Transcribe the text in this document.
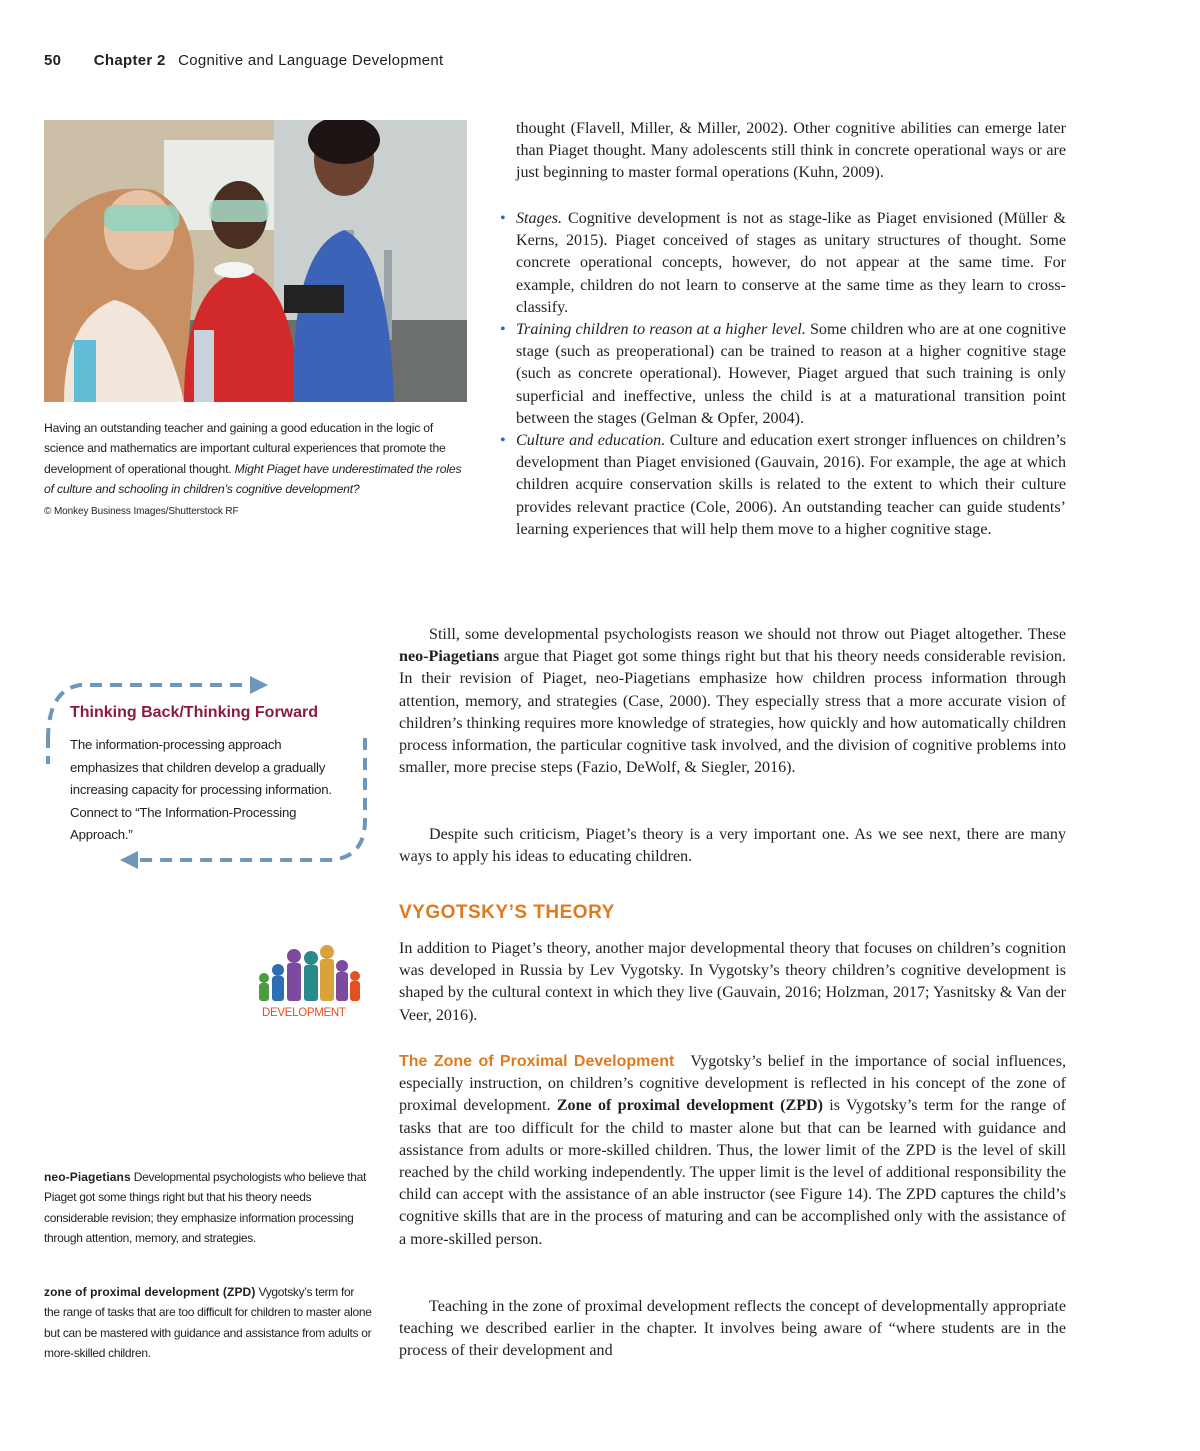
50 Chapter 2 Cognitive and Language Development
Having an outstanding teacher and gaining a good education in the logic of science and mathematics are important cultural experiences that promote the development of operational thought. Might Piaget have underestimated the roles of culture and schooling in children’s cognitive development?
© Monkey Business Images/Shutterstock RF
Thinking Back/Thinking Forward
The information-processing approach emphasizes that children develop a gradually increasing capacity for processing information. Connect to “The Information-Processing Approach.”
DEVELOPMENT
neo-Piagetians Developmental psychologists who believe that Piaget got some things right but that his theory needs considerable revision; they emphasize information processing through attention, memory, and strategies.
zone of proximal development (ZPD) Vygotsky’s term for the range of tasks that are too difficult for children to master alone but can be mastered with guidance and assistance from adults or more-skilled children.

thought (Flavell, Miller, & Miller, 2002). Other cognitive abilities can emerge later than Piaget thought. Many adolescents still think in concrete operational ways or are just beginning to master formal operations (Kuhn, 2009).

• Stages. Cognitive development is not as stage-like as Piaget envisioned (Müller & Kerns, 2015). Piaget conceived of stages as unitary structures of thought. Some concrete operational concepts, however, do not appear at the same time. For example, children do not learn to conserve at the same time as they learn to cross-classify.
• Training children to reason at a higher level. Some children who are at one cognitive stage (such as preoperational) can be trained to reason at a higher cognitive stage (such as concrete operational). However, Piaget argued that such training is only superficial and ineffective, unless the child is at a maturational transition point between the stages (Gelman & Opfer, 2004).
• Culture and education. Culture and education exert stronger influences on children’s development than Piaget envisioned (Gauvain, 2016). For example, the age at which children acquire conservation skills is related to the extent to which their culture provides relevant practice (Cole, 2006). An outstanding teacher can guide students’ learning experiences that will help them move to a higher cognitive stage.

Still, some developmental psychologists reason we should not throw out Piaget altogether. These neo-Piagetians argue that Piaget got some things right but that his theory needs considerable revision. In their revision of Piaget, neo-Piagetians emphasize how children process information through attention, memory, and strategies (Case, 2000). They especially stress that a more accurate vision of children’s thinking requires more knowledge of strategies, how quickly and how automatically children process information, the particular cognitive task involved, and the division of cognitive problems into smaller, more precise steps (Fazio, DeWolf, & Siegler, 2016).

Despite such criticism, Piaget’s theory is a very important one. As we see next, there are many ways to apply his ideas to educating children.

VYGOTSKY’S THEORY

In addition to Piaget’s theory, another major developmental theory that focuses on children’s cognition was developed in Russia by Lev Vygotsky. In Vygotsky’s theory children’s cognitive development is shaped by the cultural context in which they live (Gauvain, 2016; Holzman, 2017; Yasnitsky & Van der Veer, 2016).

The Zone of Proximal Development Vygotsky’s belief in the importance of social influences, especially instruction, on children’s cognitive development is reflected in his concept of the zone of proximal development. Zone of proximal development (ZPD) is Vygotsky’s term for the range of tasks that are too difficult for the child to master alone but that can be learned with guidance and assistance from adults or more-skilled children. Thus, the lower limit of the ZPD is the level of skill reached by the child working independently. The upper limit is the level of additional responsibility the child can accept with the assistance of an able instructor (see Figure 14). The ZPD captures the child’s cognitive skills that are in the process of maturing and can be accomplished only with the assistance of a more-skilled person.

Teaching in the zone of proximal development reflects the concept of developmentally appropriate teaching we described earlier in the chapter. It involves being aware of “where students are in the process of their development and
